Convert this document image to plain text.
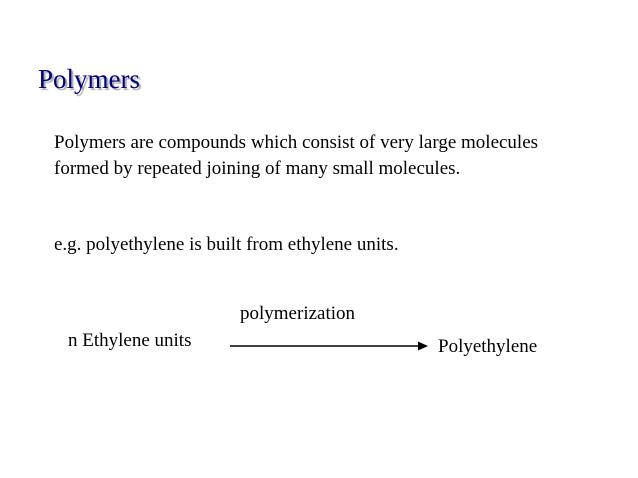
Polymers
Polymers are compounds which consist of very large molecules
formed by repeated joining of many small molecules.
e.g. polyethylene is built from ethylene units.
polymerization
n Ethylene units	Polyethylene
